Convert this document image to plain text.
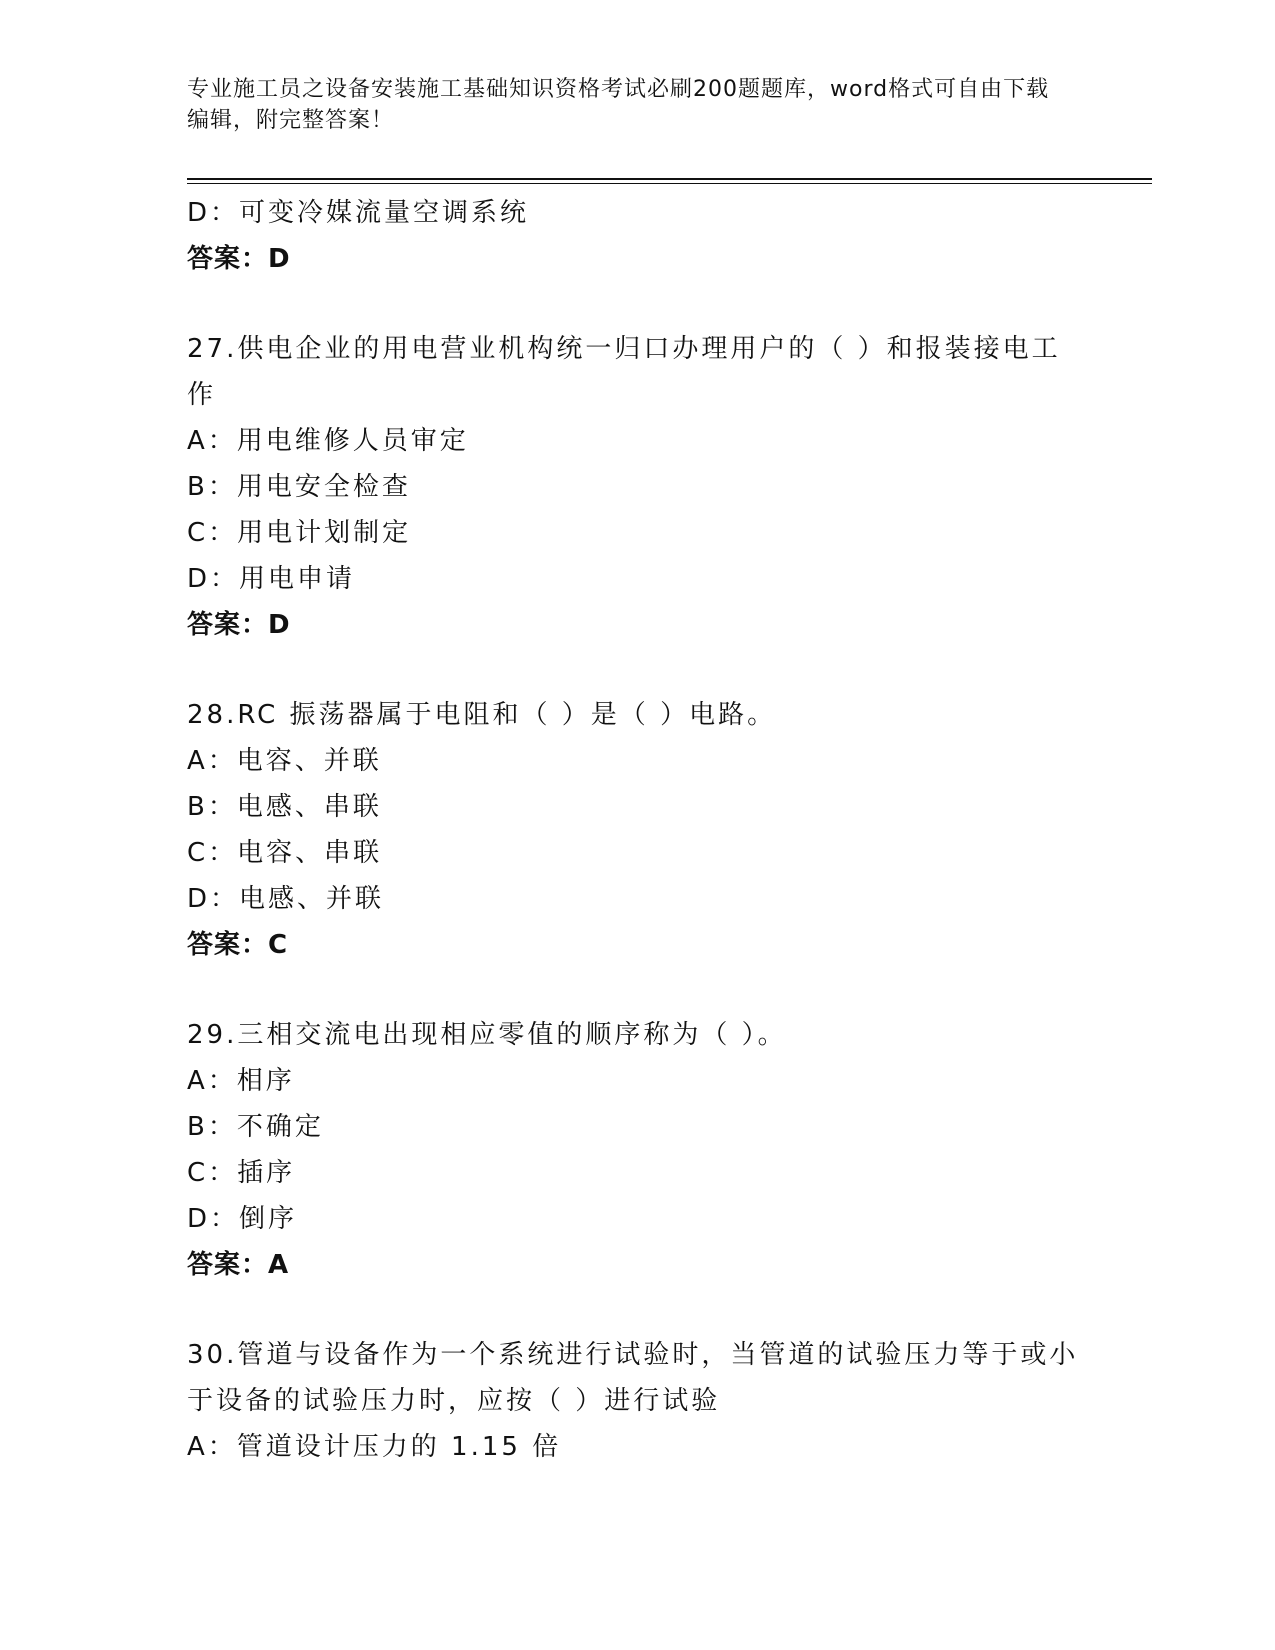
专业施工员之设备安装施工基础知识资格考试必刷200题题库，word格式可自由下载编辑，附完整答案！
D：可变冷媒流量空调系统
答案：D
27.供电企业的用电营业机构统一归口办理用户的（ ）和报装接电工作
A：用电维修人员审定
B：用电安全检查
C：用电计划制定
D：用电申请
答案：D
28.RC 振荡器属于电阻和（ ）是（ ）电路。
A：电容、并联
B：电感、串联
C：电容、串联
D：电感、并联
答案：C
29.三相交流电出现相应零值的顺序称为（ ）。
A：相序
B：不确定
C：插序
D：倒序
答案：A
30.管道与设备作为一个系统进行试验时，当管道的试验压力等于或小于设备的试验压力时，应按（ ）进行试验
A：管道设计压力的 1.15 倍
